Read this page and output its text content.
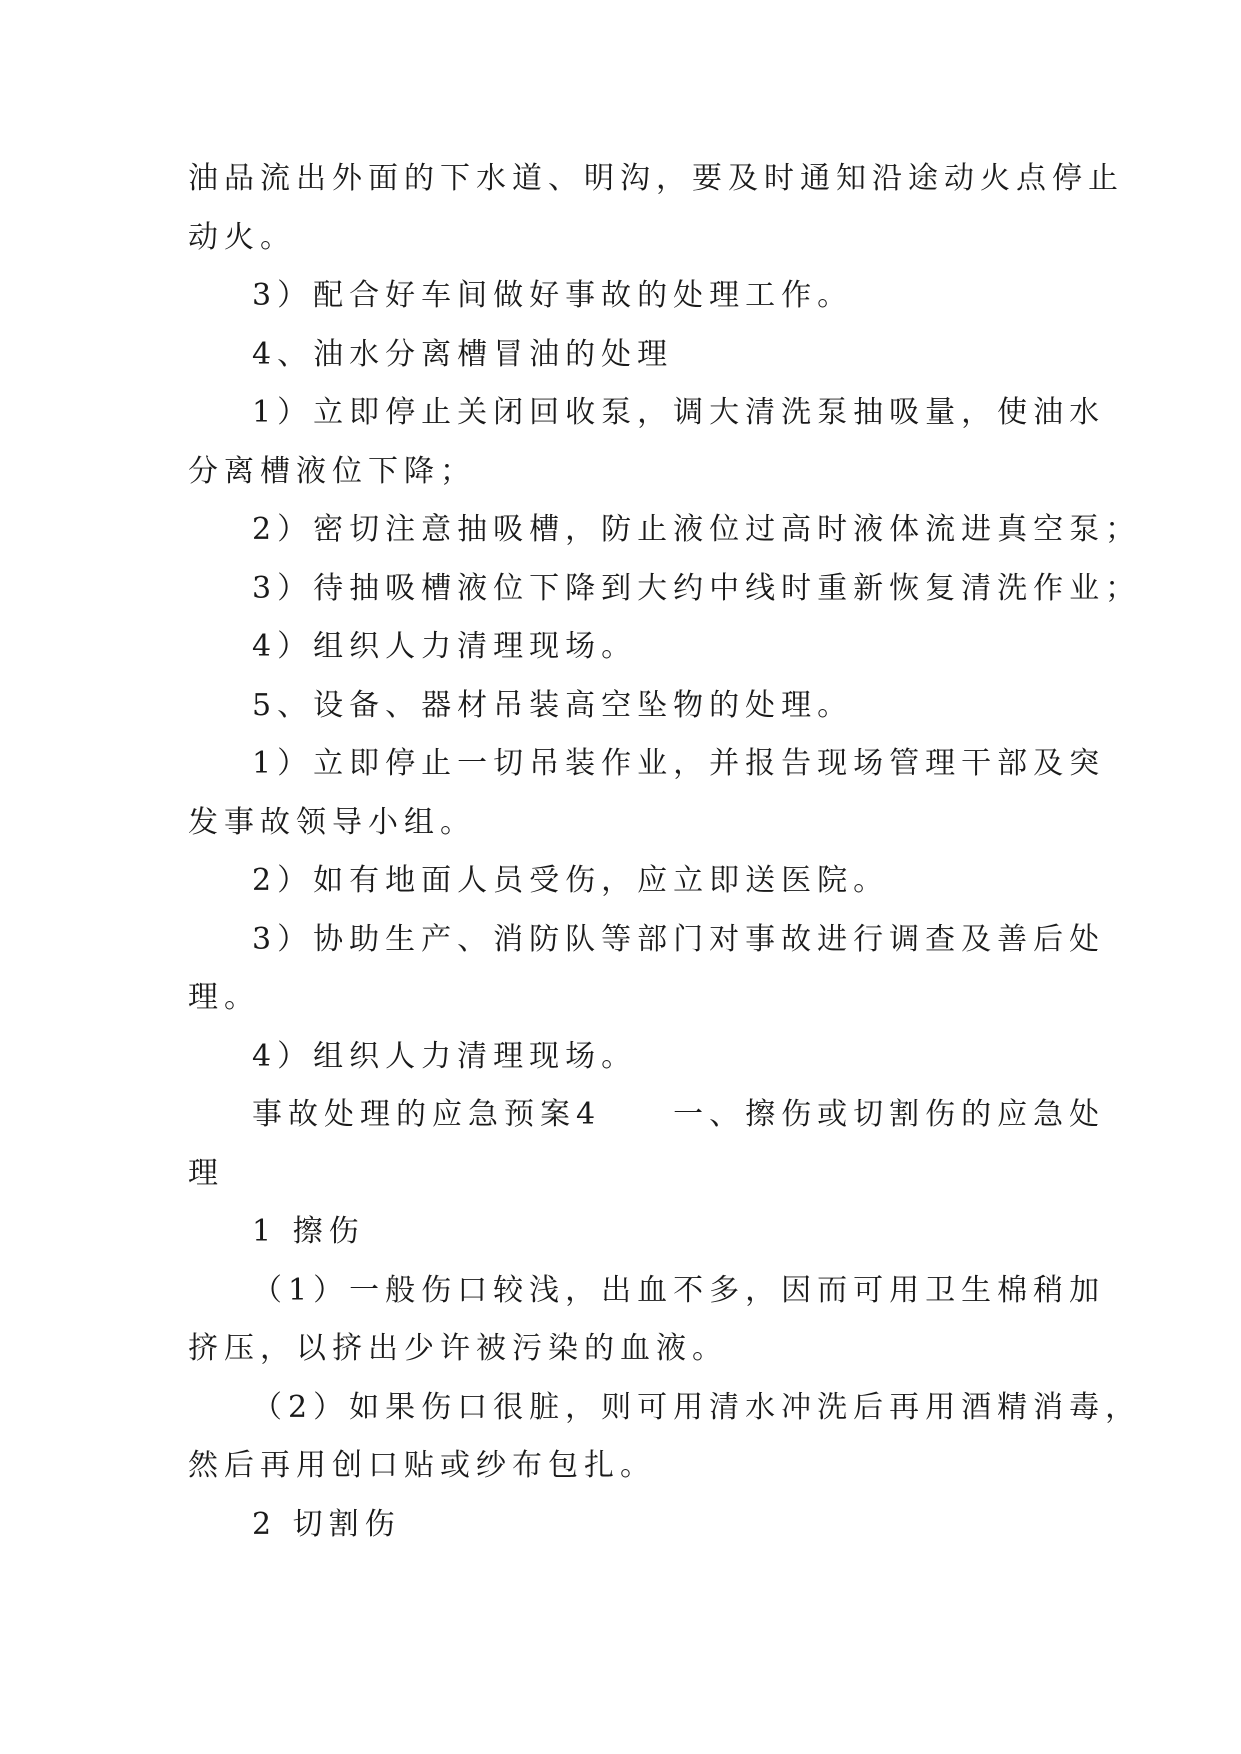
油品流出外面的下水道、明沟，要及时通知沿途动火点停止
动火。
3）配合好车间做好事故的处理工作。
4、油水分离槽冒油的处理
1）立即停止关闭回收泵，调大清洗泵抽吸量，使油水
分离槽液位下降；
2）密切注意抽吸槽，防止液位过高时液体流进真空泵；
3）待抽吸槽液位下降到大约中线时重新恢复清洗作业；
4）组织人力清理现场。
5、设备、器材吊装高空坠物的处理。
1）立即停止一切吊装作业，并报告现场管理干部及突
发事故领导小组。
2）如有地面人员受伤，应立即送医院。
3）协助生产、消防队等部门对事故进行调查及善后处
理。
4）组织人力清理现场。
事故处理的应急预案4 一、擦伤或切割伤的应急处
理
1 擦伤
（1）一般伤口较浅，出血不多，因而可用卫生棉稍加
挤压，以挤出少许被污染的血液。
（2）如果伤口很脏，则可用清水冲洗后再用酒精消毒，
然后再用创口贴或纱布包扎。
2 切割伤
